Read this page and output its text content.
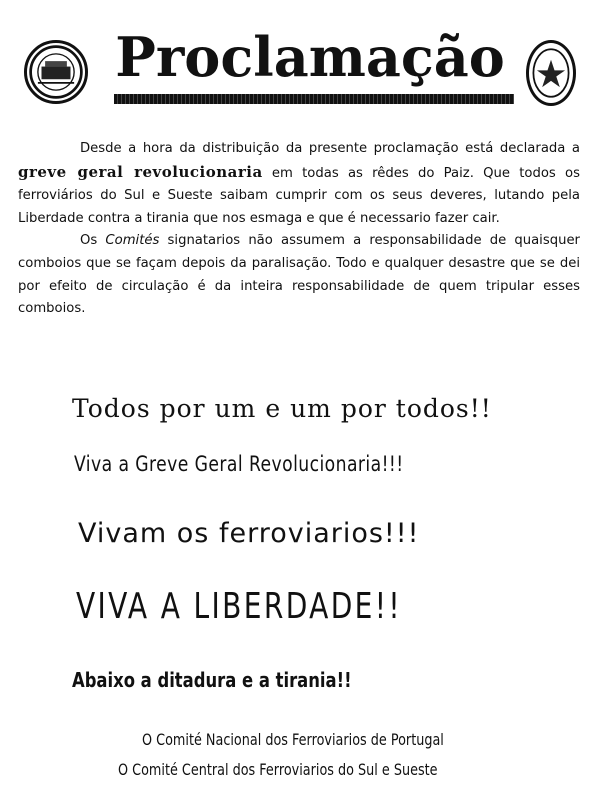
Proclamação

Desde a hora da distribuição da presente proclamação está declarada a greve geral revolucionaria em todas as rêdes do Paiz. Que todos os ferroviários do Sul e Sueste saibam cumprir com os seus deveres, lutando pela Liberdade contra a tirania que nos esmaga e que é necessario fazer cair.

Os Comités signatarios não assumem a responsabilidade de quaisquer comboios que se façam depois da paralisação. Todo e qualquer desastre que se dei por efeito de circulação é da inteira responsabilidade de quem tripular esses comboios.

Todos por um e um por todos!!
Viva a Greve Geral Revolucionaria!!!
Vivam os ferroviarios!!!
VIVA A LIBERDADE!!
Abaixo a ditadura e a tirania!!
O Comité Nacional dos Ferroviarios de Portugal
O Comité Central dos Ferroviarios do Sul e Sueste
